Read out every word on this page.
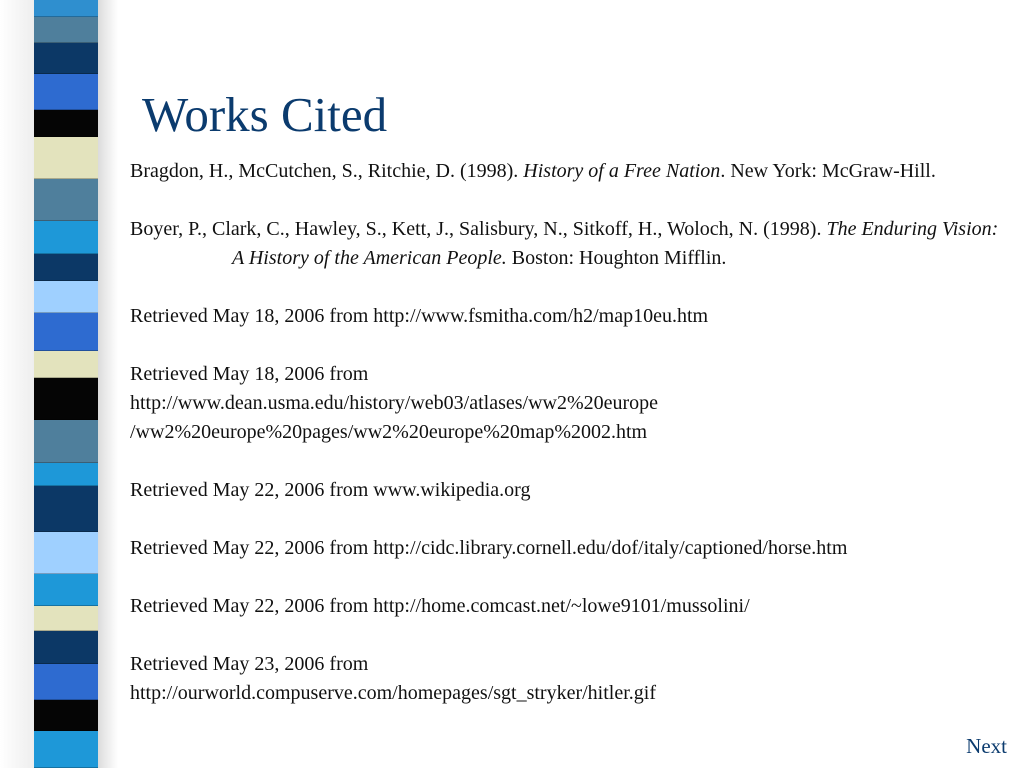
Works Cited

Bragdon, H., McCutchen, S., Ritchie, D. (1998). History of a Free Nation. New York: McGraw-Hill.

Boyer, P., Clark, C., Hawley, S., Kett, J., Salisbury, N., Sitkoff, H., Woloch, N. (1998). The Enduring Vision: A History of the American People. Boston: Houghton Mifflin.

Retrieved May 18, 2006 from http://www.fsmitha.com/h2/map10eu.htm

Retrieved May 18, 2006 from
http://www.dean.usma.edu/history/web03/atlases/ww2%20europe
/ww2%20europe%20pages/ww2%20europe%20map%2002.htm

Retrieved May 22, 2006 from www.wikipedia.org

Retrieved May 22, 2006 from http://cidc.library.cornell.edu/dof/italy/captioned/horse.htm

Retrieved May 22, 2006 from http://home.comcast.net/~lowe9101/mussolini/

Retrieved May 23, 2006 from
http://ourworld.compuserve.com/homepages/sgt_stryker/hitler.gif

Next
